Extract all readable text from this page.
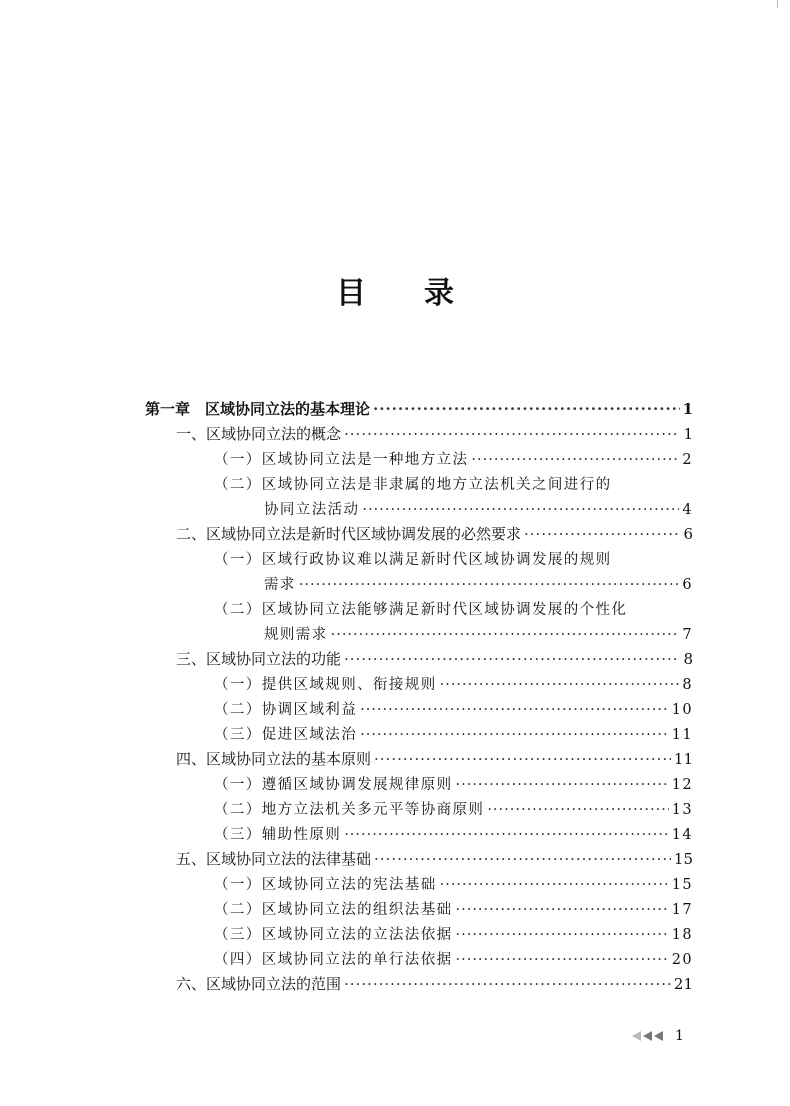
目录
第一章　区域协同立法的基本理论 ·····	1
一、区域协同立法的概念 ·····	1
（一）区域协同立法是一种地方立法 ·····	2
（二）区域协同立法是非隶属的地方立法机关之间进行的
协同立法活动 ·····	4
二、区域协同立法是新时代区域协调发展的必然要求 ·····	6
（一）区域行政协议难以满足新时代区域协调发展的规则
需求 ·····	6
（二）区域协同立法能够满足新时代区域协调发展的个性化
规则需求 ·····	7
三、区域协同立法的功能 ·····	8
（一）提供区域规则、衔接规则 ·····	8
（二）协调区域利益 ·····	10
（三）促进区域法治 ·····	11
四、区域协同立法的基本原则 ·····	11
（一）遵循区域协调发展规律原则 ·····	12
（二）地方立法机关多元平等协商原则 ·····	13
（三）辅助性原则 ·····	14
五、区域协同立法的法律基础 ·····	15
（一）区域协同立法的宪法基础 ·····	15
（二）区域协同立法的组织法基础 ·····	17
（三）区域协同立法的立法法依据 ·····	18
（四）区域协同立法的单行法依据 ·····	20
六、区域协同立法的范围 ·····	21
1
